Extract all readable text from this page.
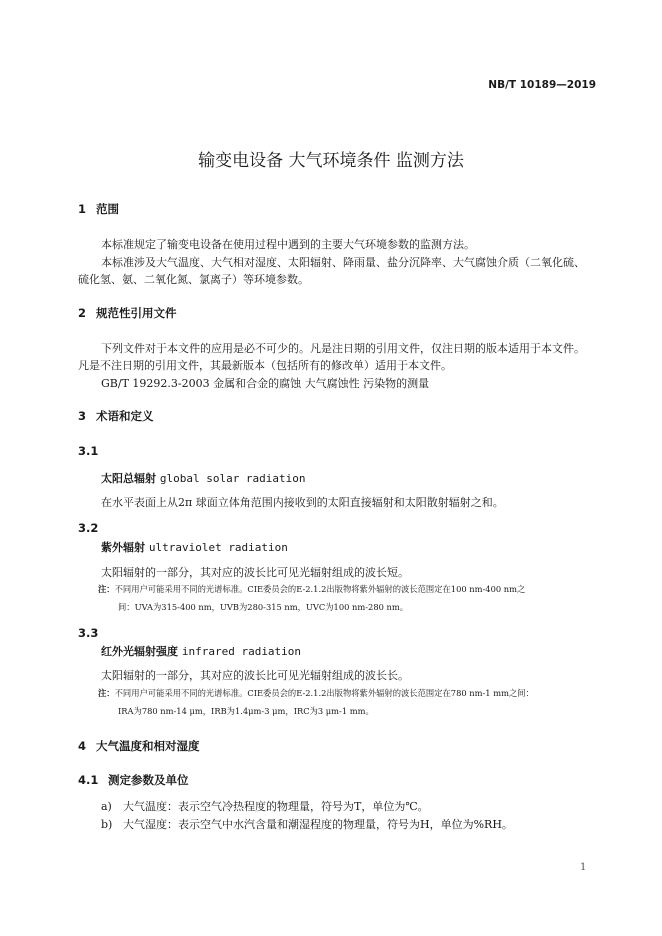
NB/T 10189—2019
输变电设备 大气环境条件 监测方法
1 范围
本标准规定了输变电设备在使用过程中遇到的主要大气环境参数的监测方法。
本标准涉及大气温度、大气相对湿度、太阳辐射、降雨量、盐分沉降率、大气腐蚀介质（二氧化硫、
硫化氢、氨、二氧化氮、氯离子）等环境参数。
2 规范性引用文件
下列文件对于本文件的应用是必不可少的。凡是注日期的引用文件，仅注日期的版本适用于本文件。
凡是不注日期的引用文件，其最新版本（包括所有的修改单）适用于本文件。
GB/T 19292.3-2003 金属和合金的腐蚀 大气腐蚀性 污染物的测量
3 术语和定义
3.1
太阳总辐射 global solar radiation
在水平表面上从2π 球面立体角范围内接收到的太阳直接辐射和太阳散射辐射之和。
3.2
紫外辐射 ultraviolet radiation
太阳辐射的一部分，其对应的波长比可见光辐射组成的波长短。
注：不同用户可能采用不同的光谱标准。CIE委员会的E-2.1.2出版物将紫外辐射的波长范围定在100 nm-400 nm之
间：UVA为315-400 nm，UVB为280-315 nm，UVC为100 nm-280 nm。
3.3
红外光辐射强度 infrared radiation
太阳辐射的一部分，其对应的波长比可见光辐射组成的波长长。
注：不同用户可能采用不同的光谱标准。CIE委员会的E-2.1.2出版物将紫外辐射的波长范围定在780 nm-1 mm之间：
IRA为780 nm-14 μm，IRB为1.4μm-3 μm，IRC为3 μm-1 mm。
4 大气温度和相对湿度
4.1 测定参数及单位
a) 大气温度：表示空气冷热程度的物理量，符号为T，单位为℃。
b) 大气湿度：表示空气中水汽含量和潮湿程度的物理量，符号为H，单位为%RH。
1
